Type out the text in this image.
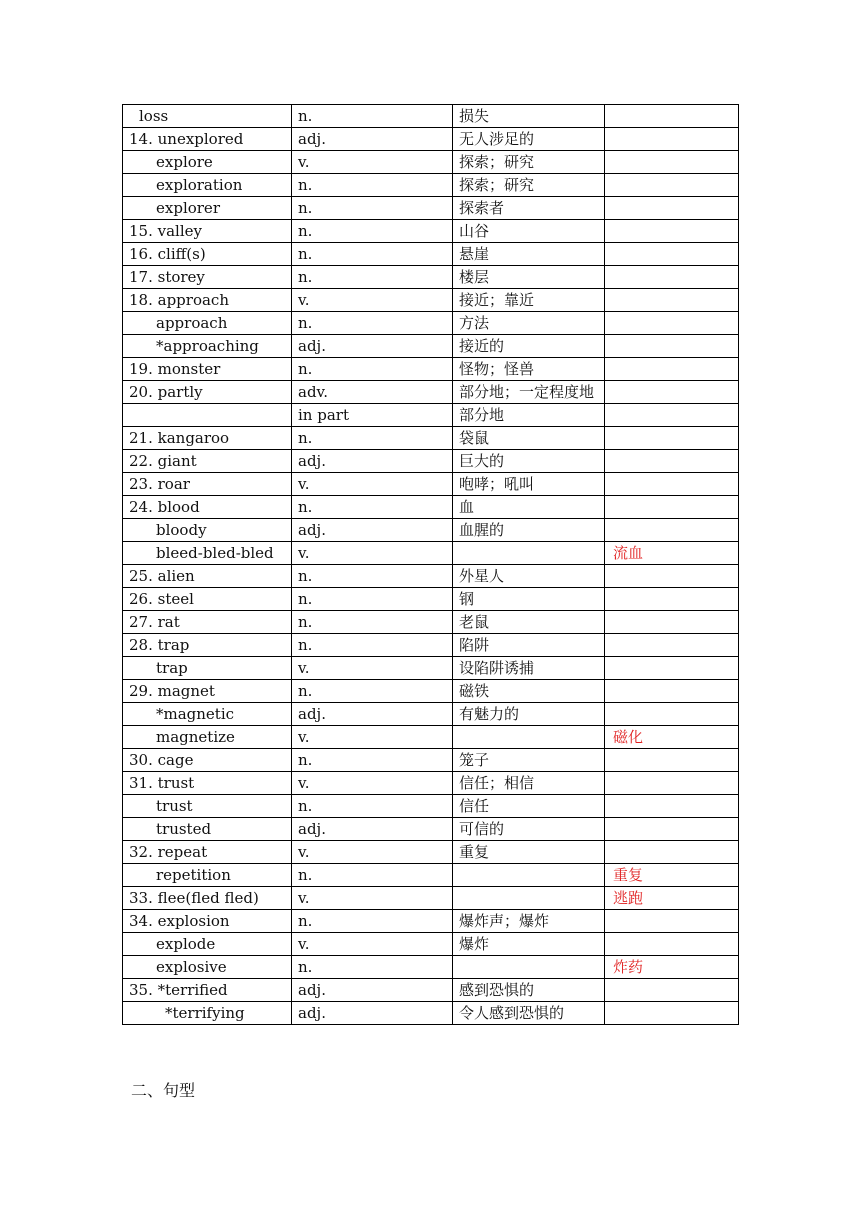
loss	n.	损失	
14. unexplored	adj.	无人涉足的	
explore	v.	探索；研究	
exploration	n.	探索；研究	
explorer	n.	探索者	
15. valley	n.	山谷	
16. cliff(s)	n.	悬崖	
17. storey	n.	楼层	
18. approach	v.	接近；靠近	
approach	n.	方法	
*approaching	adj.	接近的	
19. monster	n.	怪物；怪兽	
20. partly	adv.	部分地；一定程度地	
	in part	部分地	
21. kangaroo	n.	袋鼠	
22. giant	adj.	巨大的	
23. roar	v.	咆哮；吼叫	
24. blood	n.	血	
bloody	adj.	血腥的	
bleed-bled-bled	v.		流血
25. alien	n.	外星人	
26. steel	n.	钢	
27. rat	n.	老鼠	
28. trap	n.	陷阱	
trap	v.	设陷阱诱捕	
29. magnet	n.	磁铁	
*magnetic	adj.	有魅力的	
magnetize	v.		磁化
30. cage	n.	笼子	
31. trust	v.	信任；相信	
trust	n.	信任	
trusted	adj.	可信的	
32. repeat	v.	重复	
repetition	n.		重复
33. flee(fled fled)	v.		逃跑
34. explosion	n.	爆炸声；爆炸	
explode	v.	爆炸	
explosive	n.		炸药
35. *terrified	adj.	感到恐惧的	
*terrifying	adj.	令人感到恐惧的	
二、句型
